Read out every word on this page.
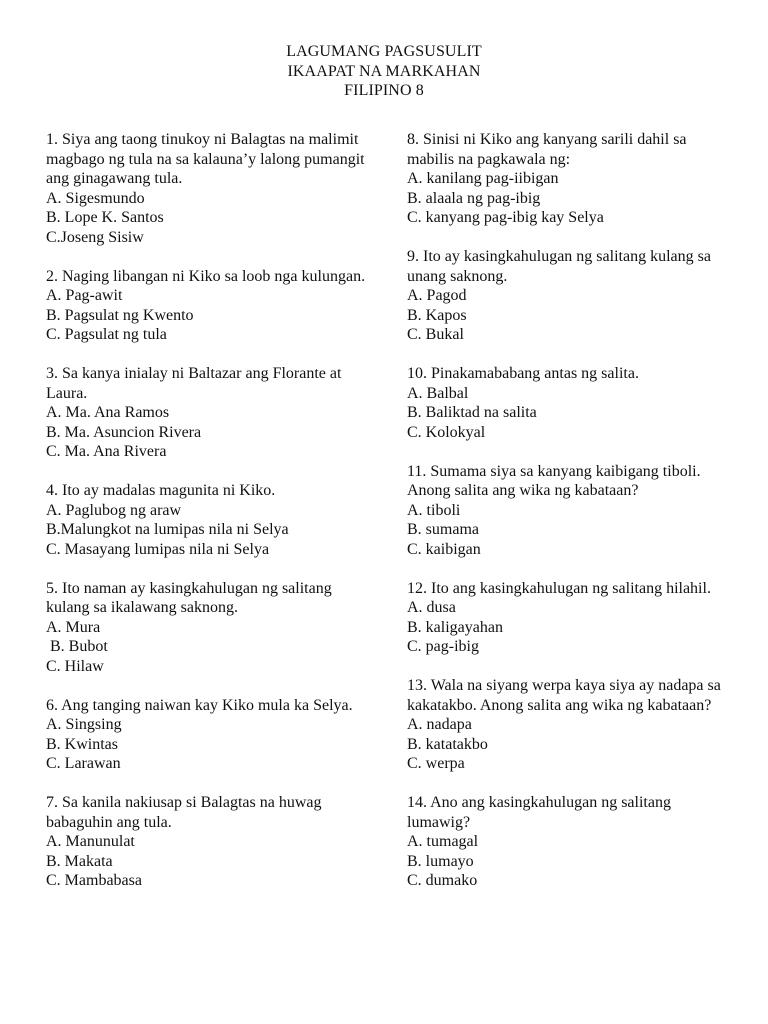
LAGUMANG PAGSUSULIT
IKAAPAT NA MARKAHAN
FILIPINO 8
1. Siya ang taong tinukoy ni Balagtas na malimit magbago ng tula na sa kalauna’y lalong pumangit ang ginagawang tula.
A. Sigesmundo
B. Lope K. Santos
C.Joseng Sisiw
2. Naging libangan ni Kiko sa loob nga kulungan.
A. Pag-awit
B. Pagsulat ng Kwento
C. Pagsulat ng tula
3. Sa kanya inialay ni Baltazar ang Florante at Laura.
A. Ma. Ana Ramos
B. Ma. Asuncion Rivera
C. Ma. Ana Rivera
4. Ito ay madalas magunita ni Kiko.
A. Paglubog ng araw
B.Malungkot na lumipas nila ni Selya
C. Masayang lumipas nila ni Selya
5. Ito naman ay kasingkahulugan ng salitang kulang sa ikalawang saknong.
A. Mura
B. Bubot
C. Hilaw
6. Ang tanging naiwan kay Kiko mula ka Selya.
A. Singsing
B. Kwintas
C. Larawan
7. Sa kanila nakiusap si Balagtas na huwag babaguhin ang tula.
A. Manunulat
B. Makata
C. Mambabasa
8. Sinisi ni Kiko ang kanyang sarili dahil sa mabilis na pagkawala ng:
A. kanilang pag-iibigan
B. alaala ng pag-ibig
C. kanyang pag-ibig kay Selya
9. Ito ay kasingkahulugan ng salitang kulang sa unang saknong.
A. Pagod
B. Kapos
C. Bukal
10. Pinakamababang antas ng salita.
A. Balbal
B. Baliktad na salita
C. Kolokyal
11. Sumama siya sa kanyang kaibigang tiboli. Anong salita ang wika ng kabataan?
A. tiboli
B. sumama
C. kaibigan
12. Ito ang kasingkahulugan ng salitang hilahil.
A. dusa
B. kaligayahan
C. pag-ibig
13. Wala na siyang werpa kaya siya ay nadapa sa kakatakbo. Anong salita ang wika ng kabataan?
A. nadapa
B. katatakbo
C. werpa
14. Ano ang kasingkahulugan ng salitang lumawig?
A. tumagal
B. lumayo
C. dumako
